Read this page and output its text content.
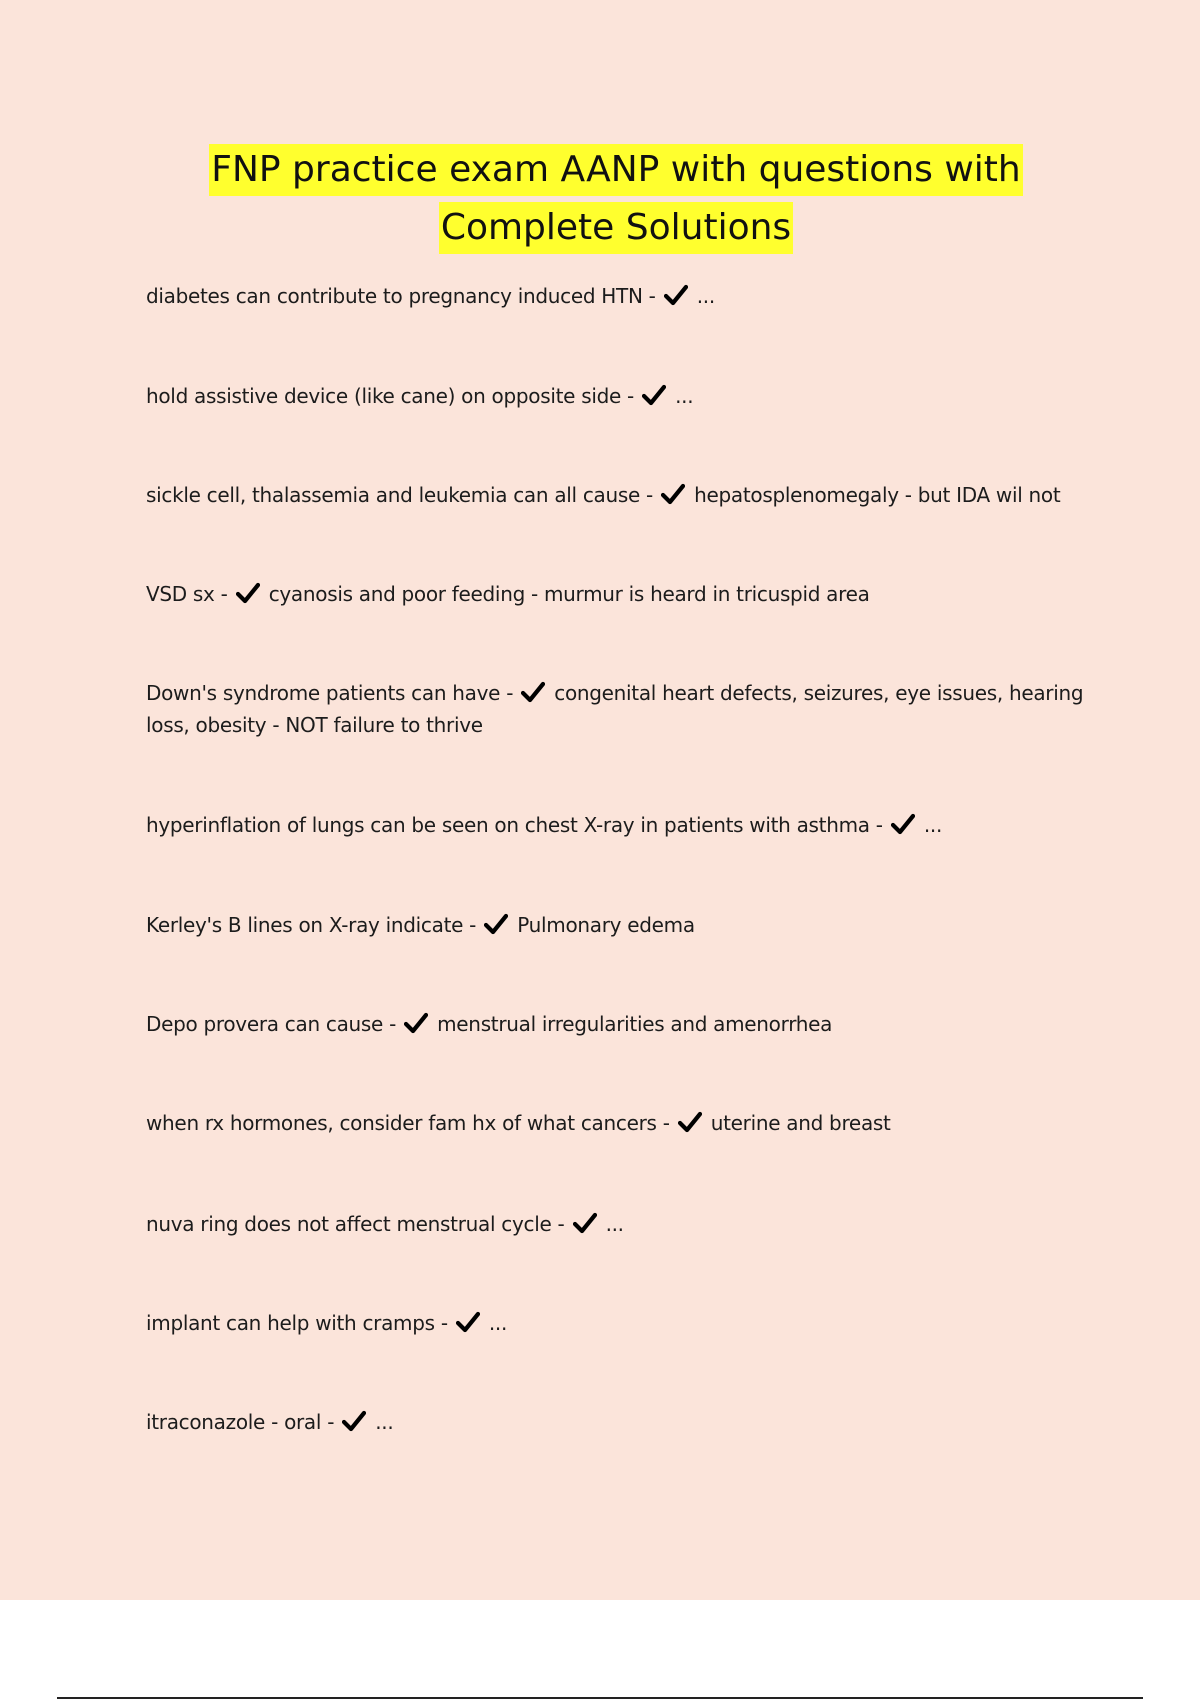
FNP practice exam AANP with questions with
Complete Solutions
diabetes can contribute to pregnancy induced HTN - ...
hold assistive device (like cane) on opposite side - ...
sickle cell, thalassemia and leukemia can all cause - hepatosplenomegaly - but IDA wil not
VSD sx - cyanosis and poor feeding - murmur is heard in tricuspid area
Down's syndrome patients can have - congenital heart defects, seizures, eye issues, hearing loss, obesity - NOT failure to thrive
hyperinflation of lungs can be seen on chest X-ray in patients with asthma - ...
Kerley's B lines on X-ray indicate - Pulmonary edema
Depo provera can cause - menstrual irregularities and amenorrhea
when rx hormones, consider fam hx of what cancers - uterine and breast
nuva ring does not affect menstrual cycle - ...
implant can help with cramps - ...
itraconazole - oral - ...
